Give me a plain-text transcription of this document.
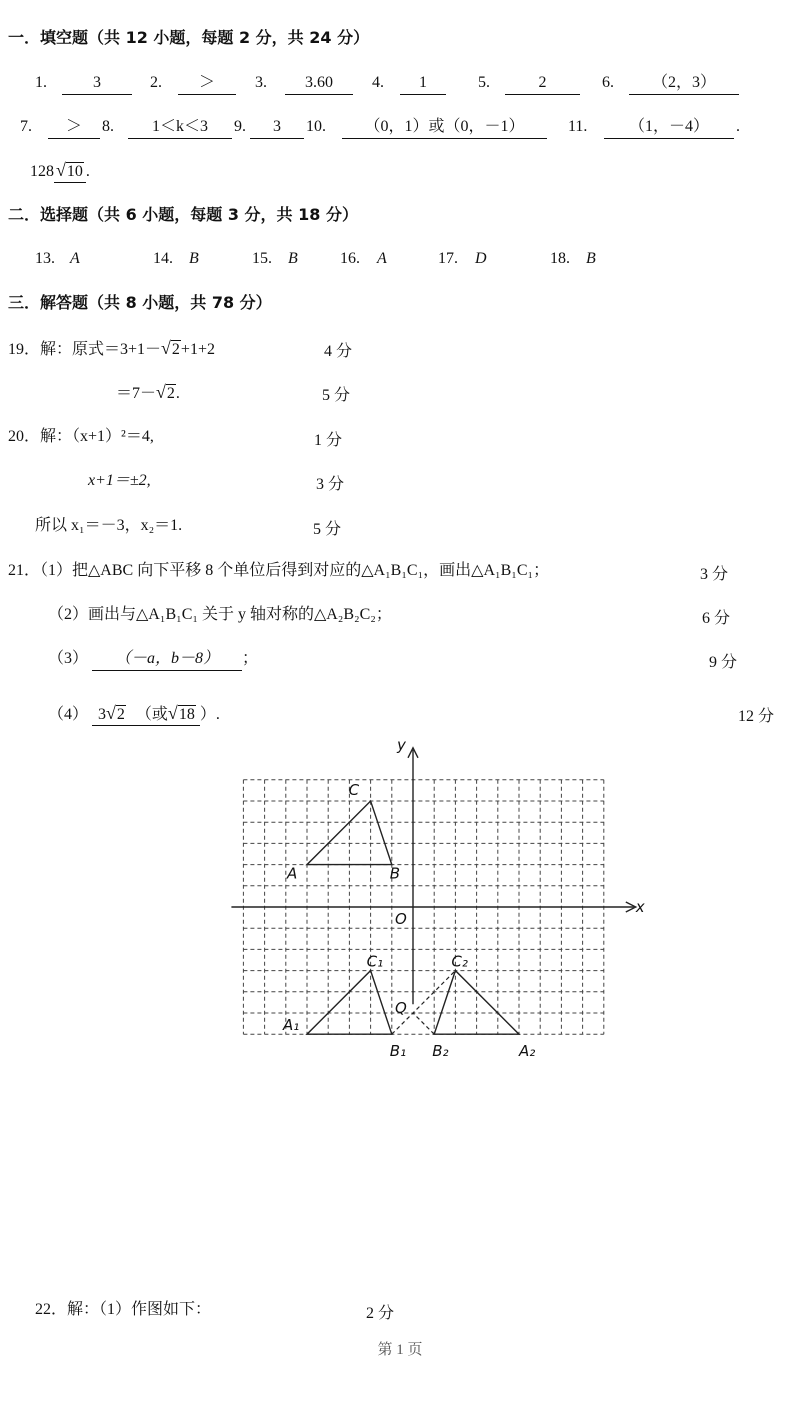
一．填空题（共 12 小题，每题 2 分，共 24 分）
1.	3	2.	＞	3.	3.60	4.	1	5.	2	6.	（2，3）
7.	＞	8.	1＜k＜3	9.	3	10.	（0，1）或（0，－1）	11.	（1，－4）	.
128 √10 .
二．选择题（共 6 小题，每题 3 分，共 18 分）
13. A	14. B	15. B	16. A	17. D	18. B
三．解答题（共 8 小题，共 78 分）
19．解：原式＝3+1－√2+1+2	4 分
＝7－√2.	5 分
20．解：（x+1）²＝4,	1 分
x+1＝±2,	3 分
所以 x₁＝－3，x₂＝1.	5 分
21．（1）把△ABC 向下平移 8 个单位后得到对应的△A₁B₁C₁，画出△A₁B₁C₁；	3 分
（2）画出与△A₁B₁C₁ 关于 y 轴对称的△A₂B₂C₂；	6 分
（3） （－a，b－8） ；	9 分
（4） 3√2 （或√18 ）.	12 分
A	B
C
A₁
B₁
C₁
A₂
B₂
C₂
Q
O
x
y
22．解：（1）作图如下：	2 分
第 1 页
